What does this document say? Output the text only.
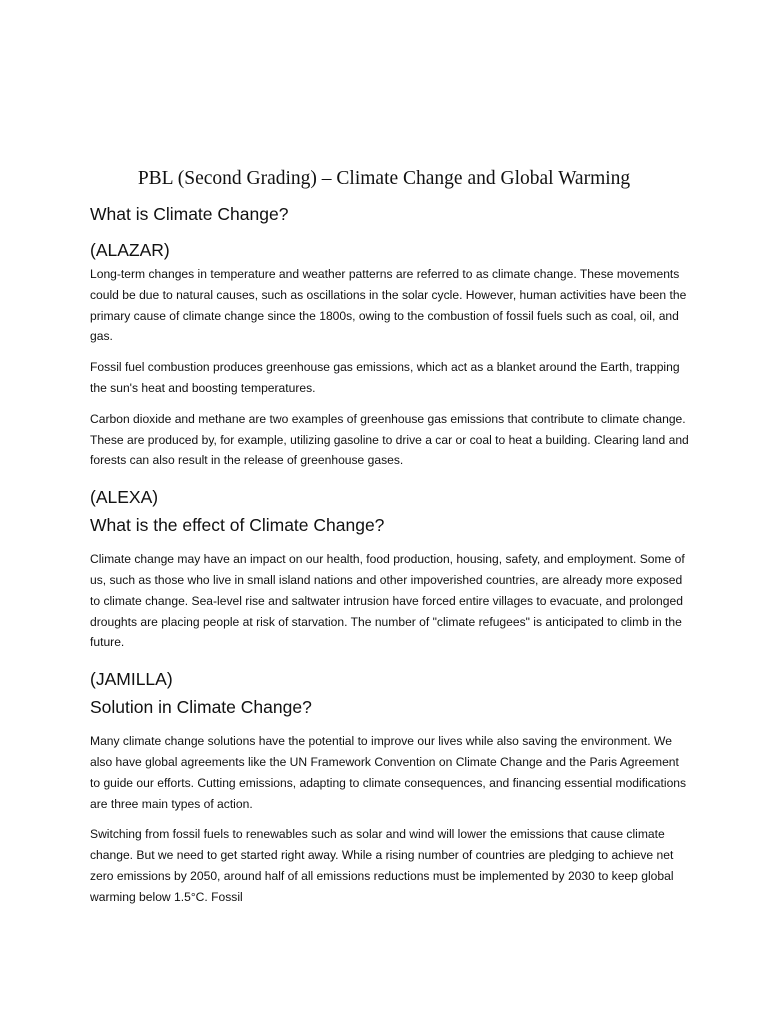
PBL (Second Grading) – Climate Change and Global Warming
What is Climate Change?
(ALAZAR)

Long-term changes in temperature and weather patterns are referred to as climate change. These movements could be due to natural causes, such as oscillations in the solar cycle. However, human activities have been the primary cause of climate change since the 1800s, owing to the combustion of fossil fuels such as coal, oil, and gas.

Fossil fuel combustion produces greenhouse gas emissions, which act as a blanket around the Earth, trapping the sun's heat and boosting temperatures.

Carbon dioxide and methane are two examples of greenhouse gas emissions that contribute to climate change. These are produced by, for example, utilizing gasoline to drive a car or coal to heat a building. Clearing land and forests can also result in the release of greenhouse gases.

(ALEXA)
What is the effect of Climate Change?

Climate change may have an impact on our health, food production, housing, safety, and employment. Some of us, such as those who live in small island nations and other impoverished countries, are already more exposed to climate change. Sea-level rise and saltwater intrusion have forced entire villages to evacuate, and prolonged droughts are placing people at risk of starvation. The number of "climate refugees" is anticipated to climb in the future.

(JAMILLA)
Solution in Climate Change?

Many climate change solutions have the potential to improve our lives while also saving the environment. We also have global agreements like the UN Framework Convention on Climate Change and the Paris Agreement to guide our efforts. Cutting emissions, adapting to climate consequences, and financing essential modifications are three main types of action.

Switching from fossil fuels to renewables such as solar and wind will lower the emissions that cause climate change. But we need to get started right away. While a rising number of countries are pledging to achieve net zero emissions by 2050, around half of all emissions reductions must be implemented by 2030 to keep global warming below 1.5°C. Fossil
